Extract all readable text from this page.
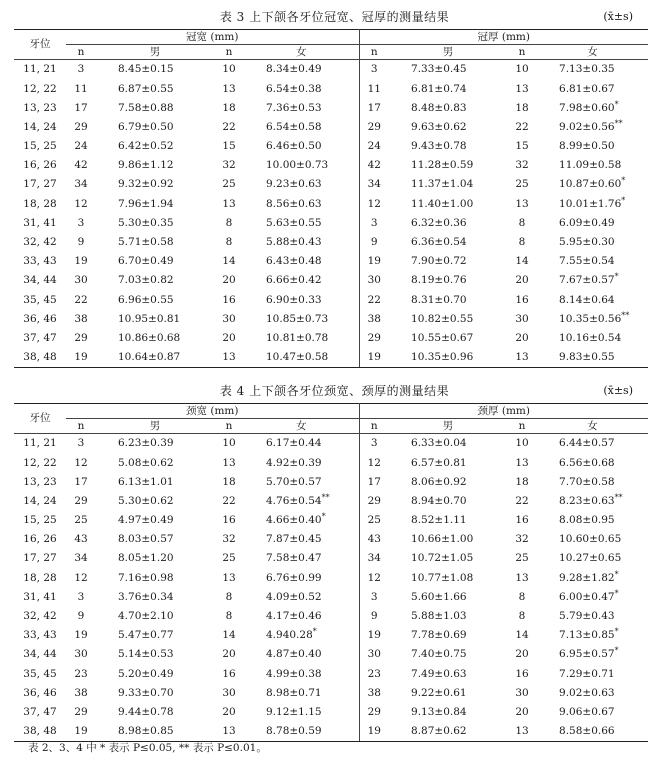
表 3 上下颌各牙位冠宽、冠厚的测量结果	(x̄±s)
牙位	冠宽 (mm)				冠厚 (mm)			
	n	男	n	女	n	男	n	女
11, 21	3	8.45±0.15	10	8.34±0.49	3	7.33±0.45	10	7.13±0.35
12, 22	11	6.87±0.55	13	6.54±0.38	11	6.81±0.74	13	6.81±0.67
13, 23	17	7.58±0.88	18	7.36±0.53	17	8.48±0.83	18	7.98±0.60*
14, 24	29	6.79±0.50	22	6.54±0.58	29	9.63±0.62	22	9.02±0.56**
15, 25	24	6.42±0.52	15	6.46±0.50	24	9.43±0.78	15	8.99±0.50
16, 26	42	9.86±1.12	32	10.00±0.73	42	11.28±0.59	32	11.09±0.58
17, 27	34	9.32±0.92	25	9.23±0.63	34	11.37±1.04	25	10.87±0.60*
18, 28	12	7.96±1.94	13	8.56±0.63	12	11.40±1.00	13	10.01±1.76*
31, 41	3	5.30±0.35	8	5.63±0.55	3	6.32±0.36	8	6.09±0.49
32, 42	9	5.71±0.58	8	5.88±0.43	9	6.36±0.54	8	5.95±0.30
33, 43	19	6.70±0.49	14	6.43±0.48	19	7.90±0.72	14	7.55±0.54
34, 44	30	7.03±0.82	20	6.66±0.42	30	8.19±0.76	20	7.67±0.57*
35, 45	22	6.96±0.55	16	6.90±0.33	22	8.31±0.70	16	8.14±0.64
36, 46	38	10.95±0.81	30	10.85±0.73	38	10.82±0.55	30	10.35±0.56**
37, 47	29	10.86±0.68	20	10.81±0.78	29	10.55±0.67	20	10.16±0.54
38, 48	19	10.64±0.87	13	10.47±0.58	19	10.35±0.96	13	9.83±0.55
表 4 上下颌各牙位颈宽、颈厚的测量结果	(x̄±s)
牙位	颈宽 (mm)				颈厚 (mm)			
	n	男	n	女	n	男	n	女
11, 21	3	6.23±0.39	10	6.17±0.44	3	6.33±0.04	10	6.44±0.57
12, 22	12	5.08±0.62	13	4.92±0.39	12	6.57±0.81	13	6.56±0.68
13, 23	17	6.13±1.01	18	5.70±0.57	17	8.06±0.92	18	7.70±0.58
14, 24	29	5.30±0.62	22	4.76±0.54**	29	8.94±0.70	22	8.23±0.63**
15, 25	25	4.97±0.49	16	4.66±0.40*	25	8.52±1.11	16	8.08±0.95
16, 26	43	8.03±0.57	32	7.87±0.45	43	10.66±1.00	32	10.60±0.65
17, 27	34	8.05±1.20	25	7.58±0.47	34	10.72±1.05	25	10.27±0.65
18, 28	12	7.16±0.98	13	6.76±0.99	12	10.77±1.08	13	9.28±1.82*
31, 41	3	3.76±0.34	8	4.09±0.52	3	5.60±1.66	8	6.00±0.47*
32, 42	9	4.70±2.10	8	4.17±0.46	9	5.88±1.03	8	5.79±0.43
33, 43	19	5.47±0.77	14	4.940.28*	19	7.78±0.69	14	7.13±0.85*
34, 44	30	5.14±0.53	20	4.87±0.40	30	7.40±0.75	20	6.95±0.57*
35, 45	23	5.20±0.49	16	4.99±0.38	23	7.49±0.63	16	7.29±0.71
36, 46	38	9.33±0.70	30	8.98±0.71	38	9.22±0.61	30	9.02±0.63
37, 47	29	9.44±0.78	20	9.12±1.15	29	9.13±0.84	20	9.06±0.67
38, 48	19	8.98±0.85	13	8.78±0.59	19	8.87±0.62	13	8.58±0.66
表 2、3、4 中 * 表示 P≤0.05, ** 表示 P≤0.01。
